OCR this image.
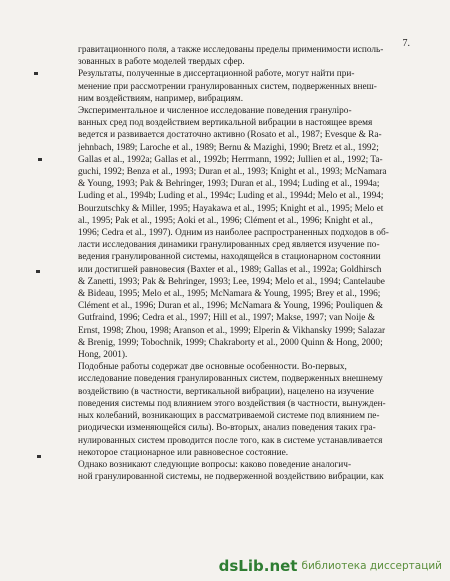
7.
гравитационного поля, а также исследованы пределы применимости исполь-
зованных в работе моделей твердых сфер.
Результаты, полученные в диссертационной работе, могут найти при-
менение при рассмотрении гранулированных систем, подверженных внеш-
ним воздействиям, например, вибрациям.
Экспериментальное и численное исследование поведения грануліро-
ванных сред под воздействием вертикальной вибрации в настоящее время
ведется и развивается достаточно активно (Rosato et al., 1987; Evesque & Ra-
jehnbach, 1989; Laroche et al., 1989; Bernu & Mazighi, 1990; Bretz et al., 1992;
Gallas et al., 1992a; Gallas et al., 1992b; Herrmann, 1992; Jullien et al., 1992; Ta-
guchi, 1992; Benza et al., 1993; Duran et al., 1993; Knight et al., 1993; McNamara
& Young, 1993; Pak & Behringer, 1993; Duran et al., 1994; Luding et al., 1994a;
Luding et al., 1994b; Luding et al., 1994c; Luding et al., 1994d; Melo et al., 1994;
Bourzutschky & Miller, 1995; Hayakawa et al., 1995; Knight et al., 1995; Melo et
al., 1995; Pak et al., 1995; Aoki et al., 1996; Clément et al., 1996; Knight et al.,
1996; Cedra et al., 1997). Одним из наиболее распространенных подходов в об-
ласти исследования динамики гранулированных сред является изучение по-
ведения гранулированной системы, находящейся в стационарном состоянии
или достигшей равновесия (Baxter et al., 1989; Gallas et al., 1992a; Goldhirsch
& Zanetti, 1993; Pak & Behringer, 1993; Lee, 1994; Melo et al., 1994; Cantelaube
& Bideau, 1995; Melo et al., 1995; McNamara & Young, 1995; Brey et al., 1996;
Clément et al., 1996; Duran et al., 1996; McNamara & Young, 1996; Pouliquen &
Gutfraind, 1996; Cedra et al., 1997; Hill et al., 1997; Makse, 1997; van Noije &
Ernst, 1998; Zhou, 1998; Aranson et al., 1999; Elperin & Vikhansky 1999; Salazar
& Brenig, 1999; Tobochnik, 1999; Chakraborty et al., 2000 Quinn & Hong, 2000;
Hong, 2001).
Подобные работы содержат две основные особенности. Во-первых,
исследование поведения гранулированных систем, подверженных внешнему
воздействию (в частности, вертикальной вибрации), нацелено на изучение
поведения системы под влиянием этого воздействия (в частности, вынужден-
ных колебаний, возникающих в рассматриваемой системе под влиянием пе-
риодически изменяющейся силы). Во-вторых, анализ поведения таких гра-
нулированных систем проводится после того, как в системе устанавливается
некоторое стационарное или равновесное состояние.
Однако возникают следующие вопросы: каково поведение аналогич-
ной гранулированной системы, не подверженной воздействию вибрации, как
dsLib.net библиотека диссертаций
